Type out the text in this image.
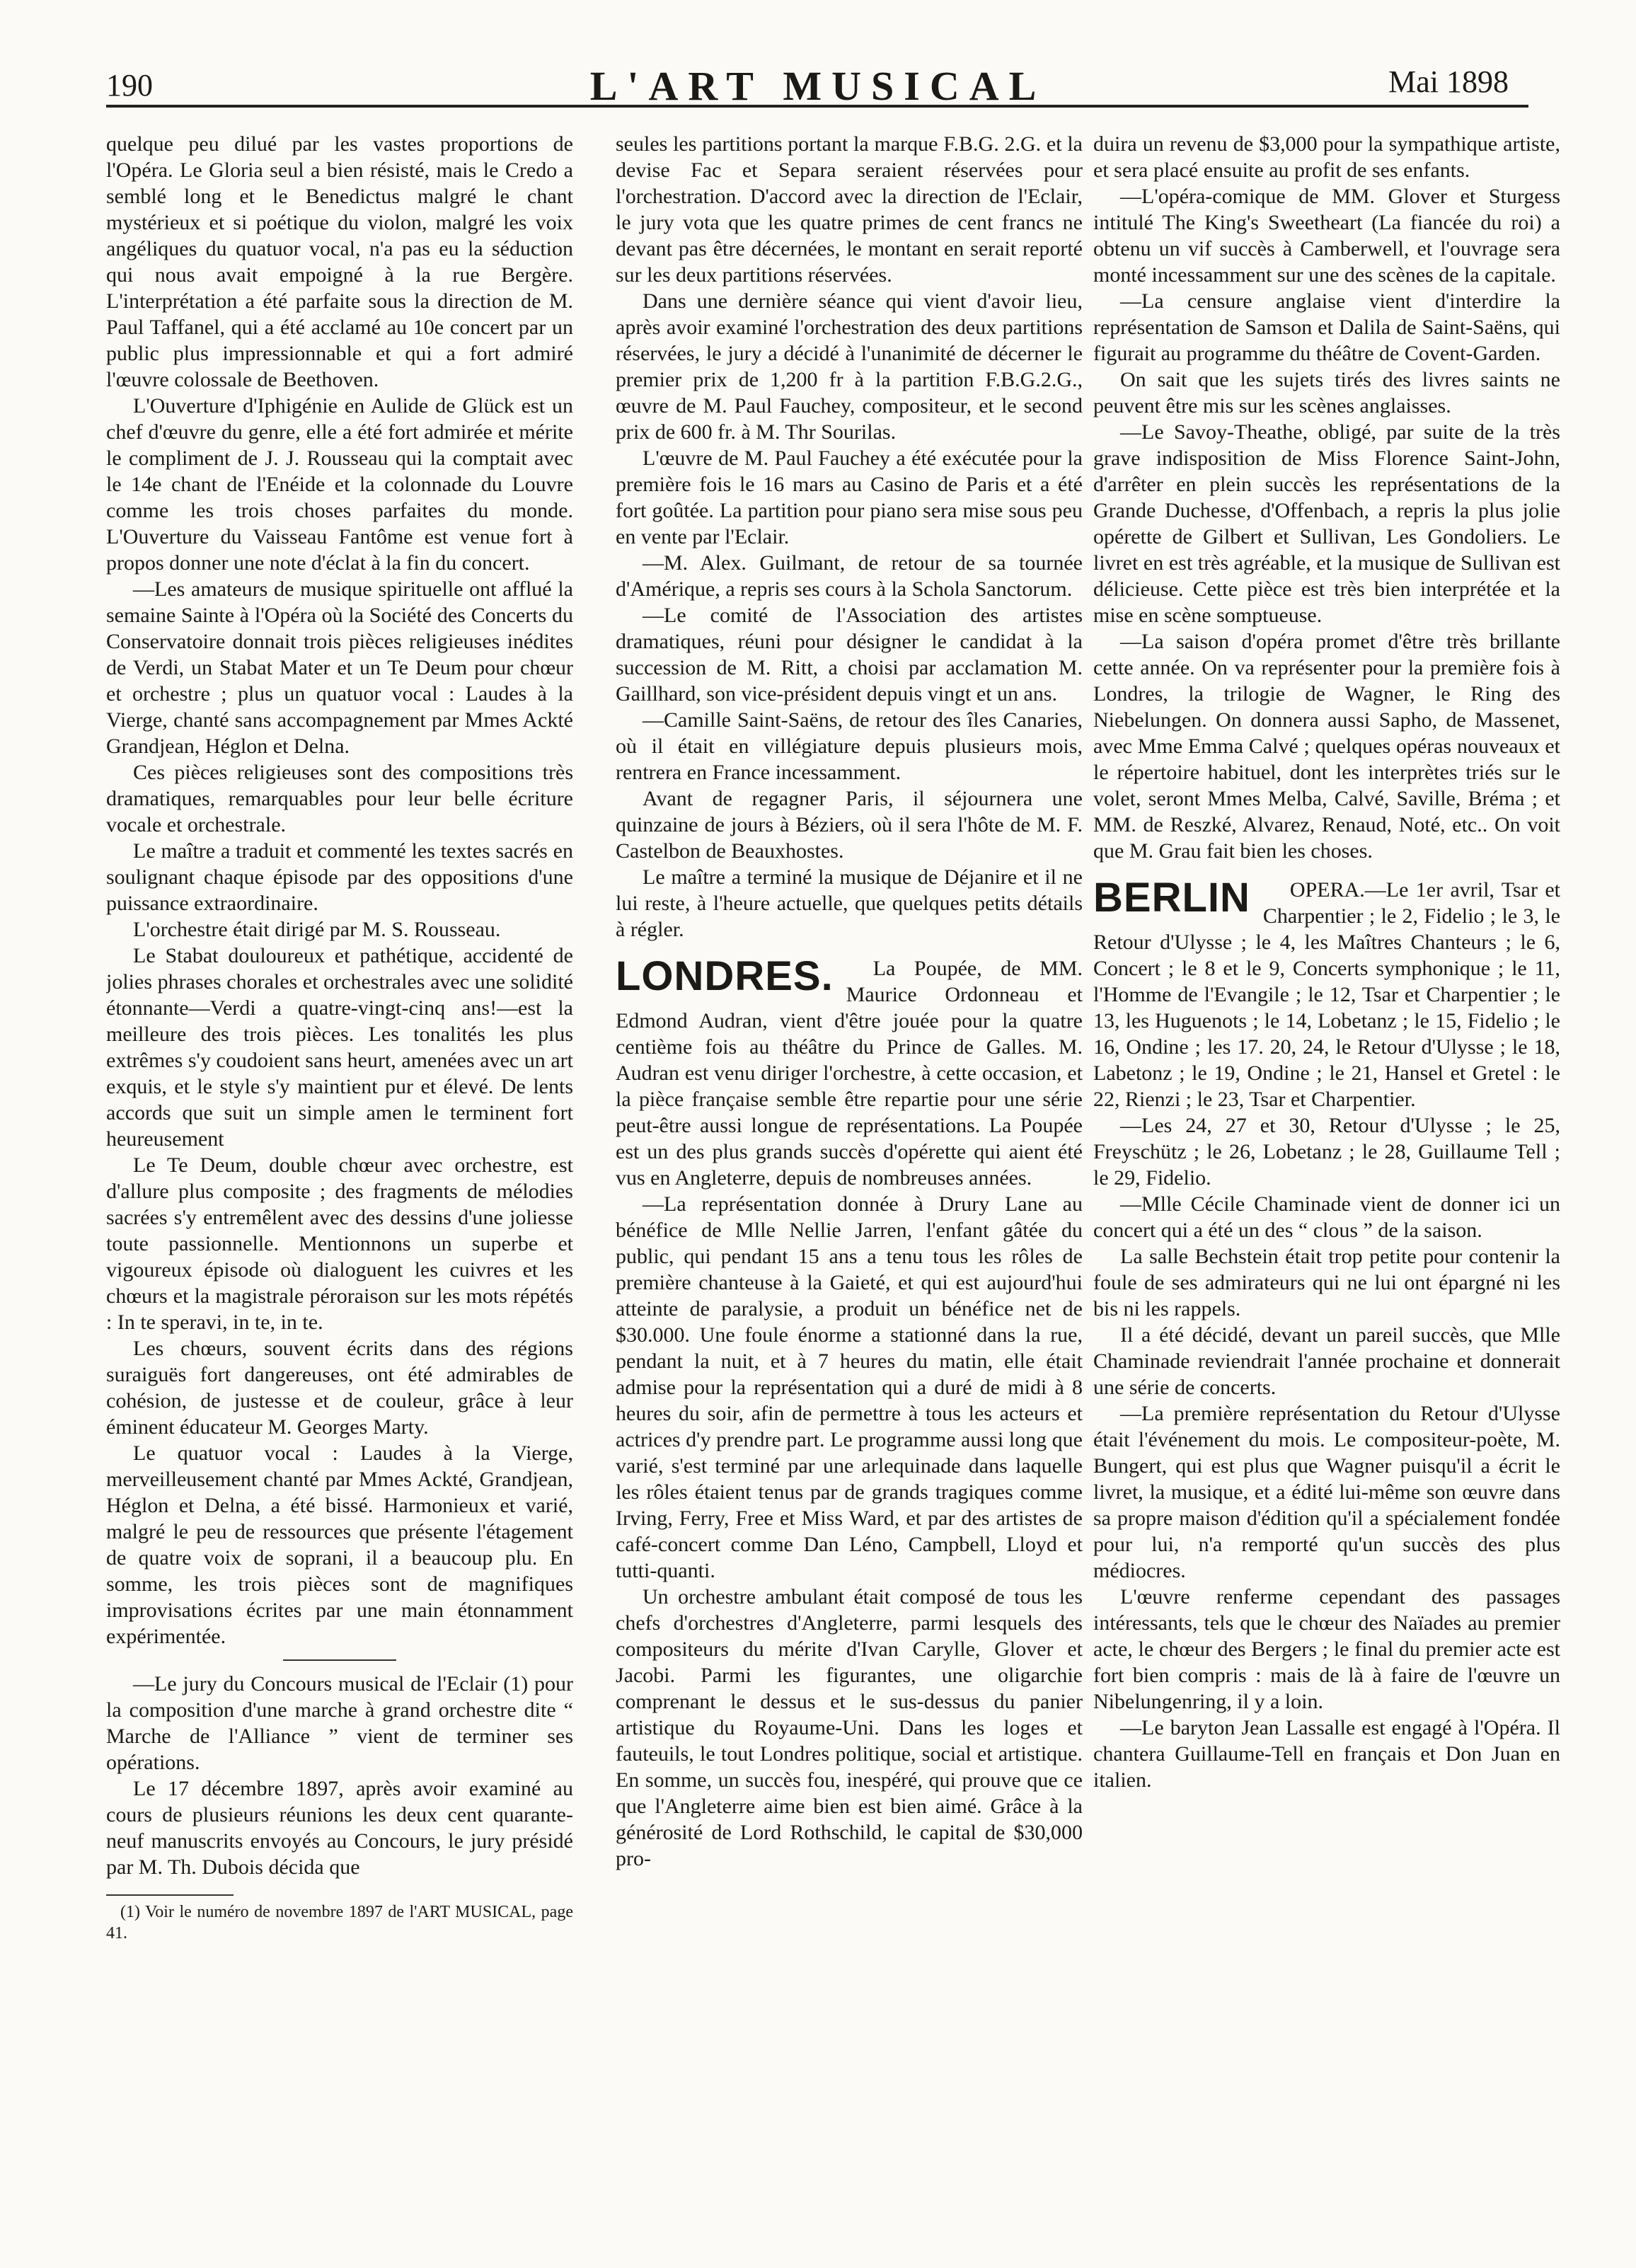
190	L'ART MUSICAL	Mai 1898

quelque peu dilué par les vastes proportions de l'Opéra. Le Gloria seul a bien résisté, mais le Credo a semblé long et le Benedictus malgré le chant mystérieux et si poétique du violon, malgré les voix angéliques du quatuor vocal, n'a pas eu la séduction qui nous avait empoigné à la rue Bergère. L'interprétation a été parfaite sous la direction de M. Paul Taffanel, qui a été acclamé au 10e concert par un public plus impressionnable et qui a fort admiré l'œuvre colossale de Beethoven.

L'Ouverture d'Iphigénie en Aulide de Glück est un chef d'œuvre du genre, elle a été fort admirée et mérite le compliment de J. J. Rousseau qui la comptait avec le 14e chant de l'Enéide et la colonnade du Louvre comme les trois choses parfaites du monde. L'Ouverture du Vaisseau Fantôme est venue fort à propos donner une note d'éclat à la fin du concert.

—Les amateurs de musique spirituelle ont afflué la semaine Sainte à l'Opéra où la Société des Concerts du Conservatoire donnait trois pièces religieuses inédites de Verdi, un Stabat Mater et un Te Deum pour chœur et orchestre ; plus un quatuor vocal : Laudes à la Vierge, chanté sans accompagnement par Mmes Ackté Grandjean, Héglon et Delna.

Ces pièces religieuses sont des compositions très dramatiques, remarquables pour leur belle écriture vocale et orchestrale.

Le maître a traduit et commenté les textes sacrés en soulignant chaque épisode par des oppositions d'une puissance extraordinaire.

L'orchestre était dirigé par M. S. Rousseau.

Le Stabat douloureux et pathétique, accidenté de jolies phrases chorales et orchestrales avec une solidité étonnante—Verdi a quatre-vingt-cinq ans!—est la meilleure des trois pièces. Les tonalités les plus extrêmes s'y coudoient sans heurt, amenées avec un art exquis, et le style s'y maintient pur et élevé. De lents accords que suit un simple amen le terminent fort heureusement

Le Te Deum, double chœur avec orchestre, est d'allure plus composite ; des fragments de mélodies sacrées s'y entremêlent avec des dessins d'une joliesse toute passionnelle. Mentionnons un superbe et vigoureux épisode où dialoguent les cuivres et les chœurs et la magistrale péroraison sur les mots répétés : In te speravi, in te, in te.

Les chœurs, souvent écrits dans des régions suraiguës fort dangereuses, ont été admirables de cohésion, de justesse et de couleur, grâce à leur éminent éducateur M. Georges Marty.

Le quatuor vocal : Laudes à la Vierge, merveilleusement chanté par Mmes Ackté, Grandjean, Héglon et Delna, a été bissé. Harmonieux et varié, malgré le peu de ressources que présente l'étagement de quatre voix de soprani, il a beaucoup plu. En somme, les trois pièces sont de magnifiques improvisations écrites par une main étonnamment expérimentée.

—Le jury du Concours musical de l'Eclair (1) pour la composition d'une marche à grand orchestre dite “ Marche de l'Alliance ” vient de terminer ses opérations.

Le 17 décembre 1897, après avoir examiné au cours de plusieurs réunions les deux cent quarante-neuf manuscrits envoyés au Concours, le jury présidé par M. Th. Dubois décida que

(1) Voir le numéro de novembre 1897 de l'ART MUSICAL, page 41.

seules les partitions portant la marque F.B.G. 2.G. et la devise Fac et Separa seraient réservées pour l'orchestration. D'accord avec la direction de l'Eclair, le jury vota que les quatre primes de cent francs ne devant pas être décernées, le montant en serait reporté sur les deux partitions réservées.

Dans une dernière séance qui vient d'avoir lieu, après avoir examiné l'orchestration des deux partitions réservées, le jury a décidé à l'unanimité de décerner le premier prix de 1,200 fr à la partition F.B.G.2.G., œuvre de M. Paul Fauchey, compositeur, et le second prix de 600 fr. à M. Thr Sourilas.

L'œuvre de M. Paul Fauchey a été exécutée pour la première fois le 16 mars au Casino de Paris et a été fort goûtée. La partition pour piano sera mise sous peu en vente par l'Eclair.

—M. Alex. Guilmant, de retour de sa tournée d'Amérique, a repris ses cours à la Schola Sanctorum.

—Le comité de l'Association des artistes dramatiques, réuni pour désigner le candidat à la succession de M. Ritt, a choisi par acclamation M. Gaillhard, son vice-président depuis vingt et un ans.

—Camille Saint-Saëns, de retour des îles Canaries, où il était en villégiature depuis plusieurs mois, rentrera en France incessamment.

Avant de regagner Paris, il séjournera une quinzaine de jours à Béziers, où il sera l'hôte de M. F. Castelbon de Beauxhostes.

Le maître a terminé la musique de Déjanire et il ne lui reste, à l'heure actuelle, que quelques petits détails à régler.

LONDRES.	La Poupée, de MM. Maurice Ordonneau et Edmond Audran, vient d'être jouée pour la quatre centième fois au théâtre du Prince de Galles. M. Audran est venu diriger l'orchestre, à cette occasion, et la pièce française semble être repartie pour une série peut-être aussi longue de représentations. La Poupée est un des plus grands succès d'opérette qui aient été vus en Angleterre, depuis de nombreuses années.

—La représentation donnée à Drury Lane au bénéfice de Mlle Nellie Jarren, l'enfant gâtée du public, qui pendant 15 ans a tenu tous les rôles de première chanteuse à la Gaieté, et qui est aujourd'hui atteinte de paralysie, a produit un bénéfice net de $30.000. Une foule énorme a stationné dans la rue, pendant la nuit, et à 7 heures du matin, elle était admise pour la représentation qui a duré de midi à 8 heures du soir, afin de permettre à tous les acteurs et actrices d'y prendre part. Le programme aussi long que varié, s'est terminé par une arlequinade dans laquelle les rôles étaient tenus par de grands tragiques comme Irving, Ferry, Free et Miss Ward, et par des artistes de café-concert comme Dan Léno, Campbell, Lloyd et tutti-quanti.

Un orchestre ambulant était composé de tous les chefs d'orchestres d'Angleterre, parmi lesquels des compositeurs du mérite d'Ivan Carylle, Glover et Jacobi. Parmi les figurantes, une oligarchie comprenant le dessus et le sus-dessus du panier artistique du Royaume-Uni. Dans les loges et fauteuils, le tout Londres politique, social et artistique. En somme, un succès fou, inespéré, qui prouve que ce que l'Angleterre aime bien est bien aimé. Grâce à la générosité de Lord Rothschild, le capital de $30,000 pro-

duira un revenu de $3,000 pour la sympathique artiste, et sera placé ensuite au profit de ses enfants.

—L'opéra-comique de MM. Glover et Sturgess intitulé The King's Sweetheart (La fiancée du roi) a obtenu un vif succès à Camberwell, et l'ouvrage sera monté incessamment sur une des scènes de la capitale.

—La censure anglaise vient d'interdire la représentation de Samson et Dalila de Saint-Saëns, qui figurait au programme du théâtre de Covent-Garden.

On sait que les sujets tirés des livres saints ne peuvent être mis sur les scènes anglaisses.

—Le Savoy-Theathe, obligé, par suite de la très grave indisposition de Miss Florence Saint-John, d'arrêter en plein succès les représentations de la Grande Duchesse, d'Offenbach, a repris la plus jolie opérette de Gilbert et Sullivan, Les Gondoliers. Le livret en est très agréable, et la musique de Sullivan est délicieuse. Cette pièce est très bien interprétée et la mise en scène somptueuse.

—La saison d'opéra promet d'être très brillante cette année. On va représenter pour la première fois à Londres, la trilogie de Wagner, le Ring des Niebelungen. On donnera aussi Sapho, de Massenet, avec Mme Emma Calvé ; quelques opéras nouveaux et le répertoire habituel, dont les interprètes triés sur le volet, seront Mmes Melba, Calvé, Saville, Bréma ; et MM. de Reszké, Alvarez, Renaud, Noté, etc.. On voit que M. Grau fait bien les choses.

BERLIN	OPERA.—Le 1er avril, Tsar et Charpentier ; le 2, Fidelio ; le 3, le Retour d'Ulysse ; le 4, les Maîtres Chanteurs ; le 6, Concert ; le 8 et le 9, Concerts symphonique ; le 11, l'Homme de l'Evangile ; le 12, Tsar et Charpentier ; le 13, les Huguenots ; le 14, Lobetanz ; le 15, Fidelio ; le 16, Ondine ; les 17. 20, 24, le Retour d'Ulysse ; le 18, Labetonz ; le 19, Ondine ; le 21, Hansel et Gretel : le 22, Rienzi ; le 23, Tsar et Charpentier.

—Les 24, 27 et 30, Retour d'Ulysse ; le 25, Freyschütz ; le 26, Lobetanz ; le 28, Guillaume Tell ; le 29, Fidelio.

—Mlle Cécile Chaminade vient de donner ici un concert qui a été un des “ clous ” de la saison.

La salle Bechstein était trop petite pour contenir la foule de ses admirateurs qui ne lui ont épargné ni les bis ni les rappels.

Il a été décidé, devant un pareil succès, que Mlle Chaminade reviendrait l'année prochaine et donnerait une série de concerts.

—La première représentation du Retour d'Ulysse était l'événement du mois. Le compositeur-poète, M. Bungert, qui est plus que Wagner puisqu'il a écrit le livret, la musique, et a édité lui-même son œuvre dans sa propre maison d'édition qu'il a spécialement fondée pour lui, n'a remporté qu'un succès des plus médiocres.

L'œuvre renferme cependant des passages intéressants, tels que le chœur des Naïades au premier acte, le chœur des Bergers ; le final du premier acte est fort bien compris : mais de là à faire de l'œuvre un Nibelungenring, il y a loin.

—Le baryton Jean Lassalle est engagé à l'Opéra. Il chantera Guillaume-Tell en français et Don Juan en italien.
